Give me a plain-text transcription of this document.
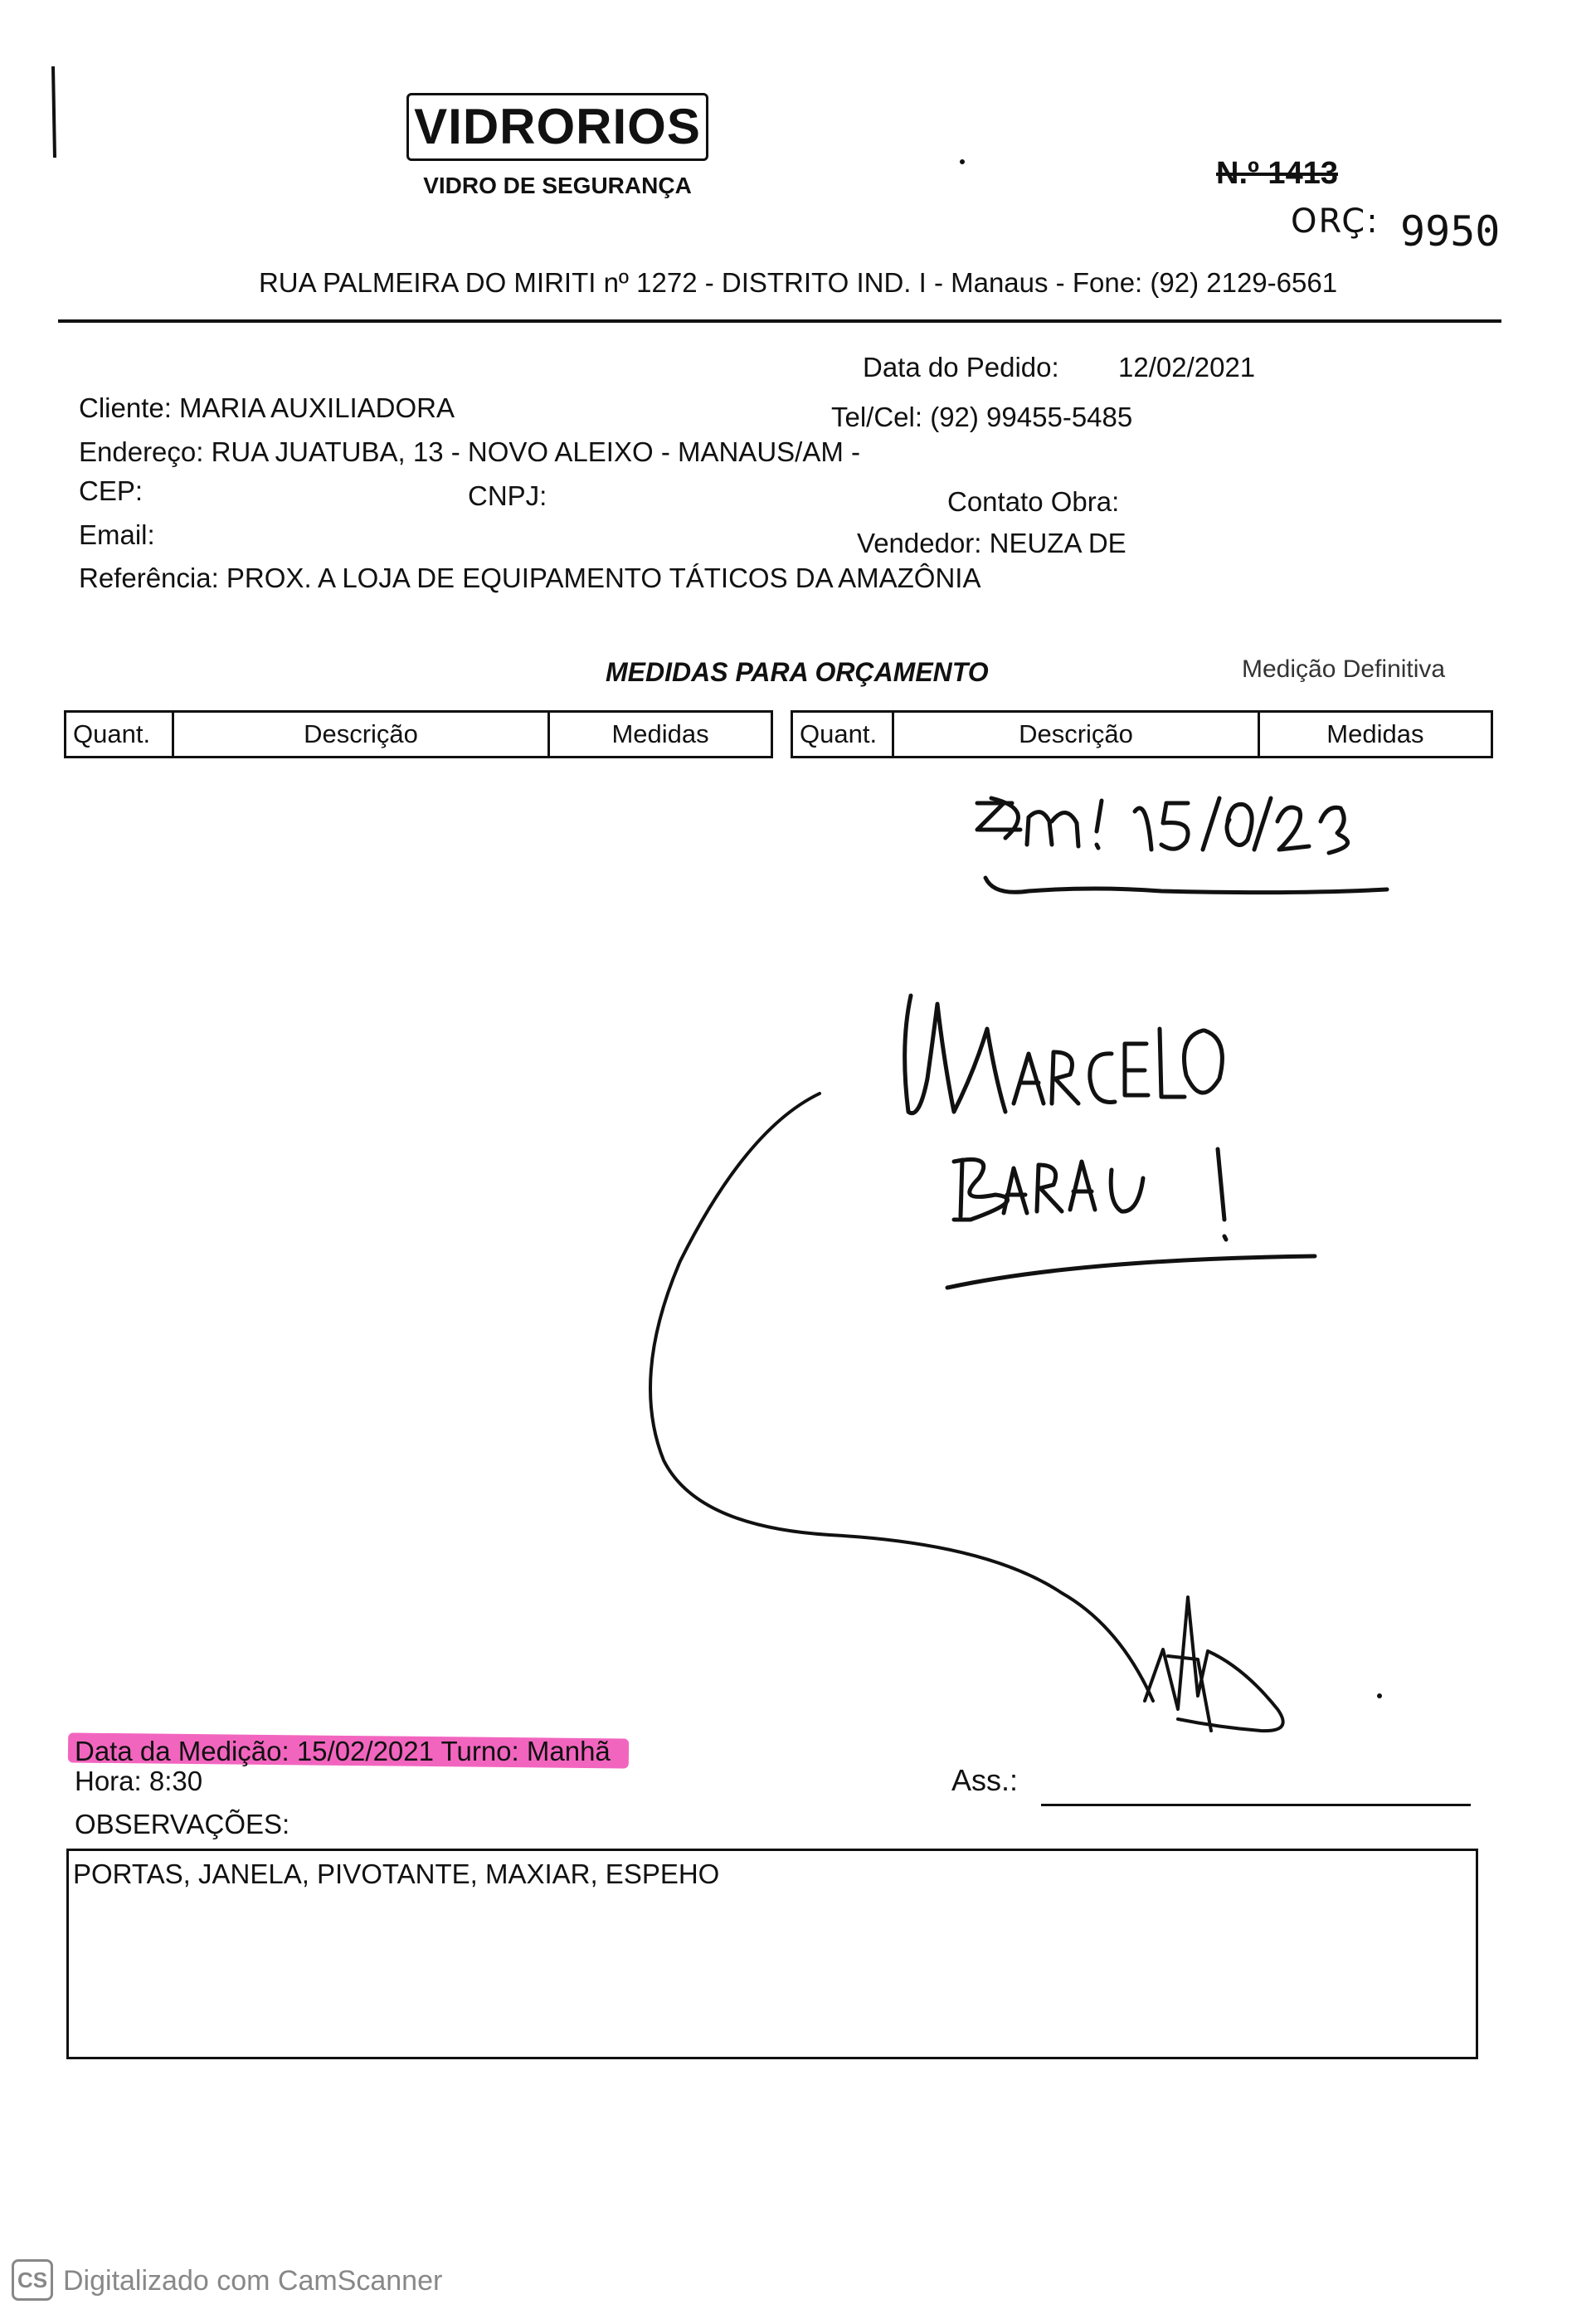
VIDRORIOS
VIDRO DE SEGURANÇA	N.º 1413
ORÇ: 9950
RUA PALMEIRA DO MIRITI nº 1272 - DISTRITO IND. I - Manaus - Fone: (92) 2129-6561
Data do Pedido: 12/02/2021
Cliente: MARIA AUXILIADORA	Tel/Cel: (92) 99455-5485
Endereço: RUA JUATUBA, 13 - NOVO ALEIXO - MANAUS/AM -
CEP:	CNPJ:	Contato Obra:
Email:	Vendedor: NEUZA DE
Referência: PROX. A LOJA DE EQUIPAMENTO TÁTICOS DA AMAZÔNIA
MEDIDAS PARA ORÇAMENTO	Medição Definitiva
Quant.	Descrição	Medidas	Quant.	Descrição	Medidas
Data da Medição: 15/02/2021 Turno: Manhã
Hora: 8:30	Ass.:
OBSERVAÇÕES:
PORTAS, JANELA, PIVOTANTE, MAXIAR, ESPEHO
CS Digitalizado com CamScanner
